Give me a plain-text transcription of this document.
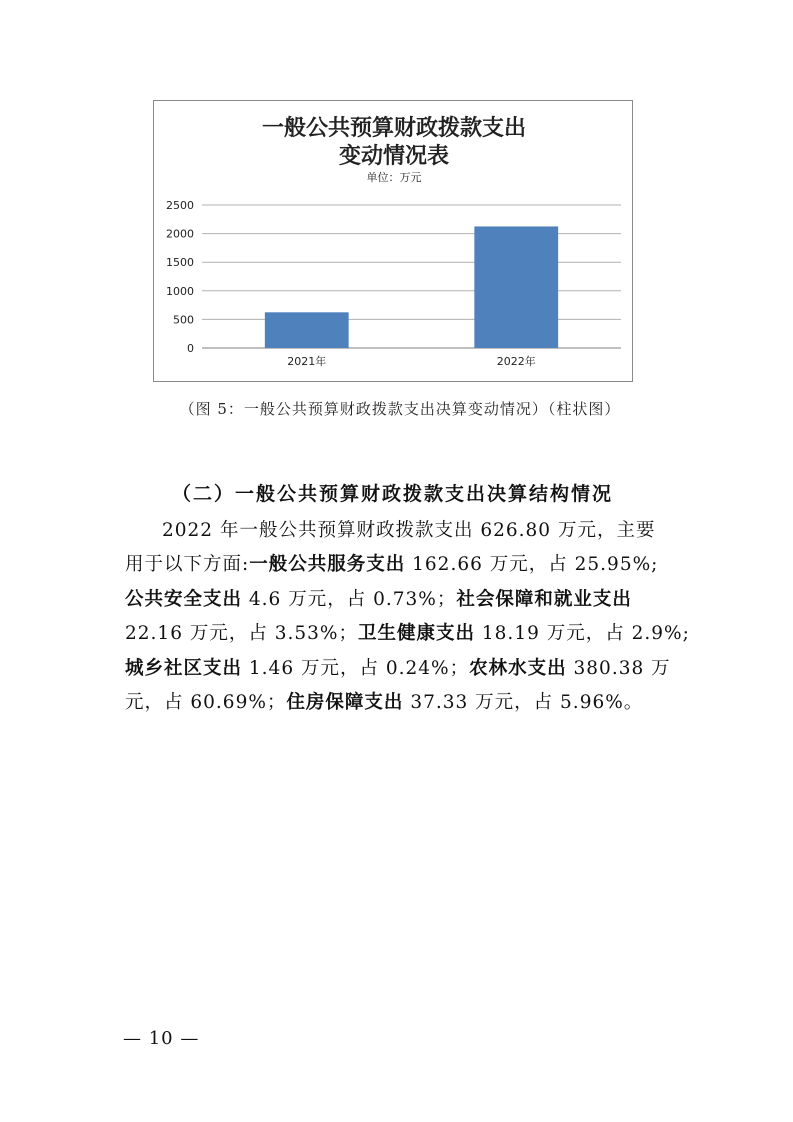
一般公共预算财政拨款支出
变动情况表
单位：万元
2500
2000
1500
1000
500
0
2021年	2022年
（图 5：一般公共预算财政拨款支出决算变动情况）（柱状图）
（二）一般公共预算财政拨款支出决算结构情况
2022 年一般公共预算财政拨款支出 626.80 万元，主要
用于以下方面:一般公共服务支出 162.66 万元，占 25.95%;
公共安全支出 4.6 万元，占 0.73%；社会保障和就业支出
22.16 万元，占 3.53%；卫生健康支出 18.19 万元，占 2.9%;
城乡社区支出 1.46 万元，占 0.24%；农林水支出 380.38 万
元，占 60.69%；住房保障支出 37.33 万元，占 5.96%。
— 10 —
